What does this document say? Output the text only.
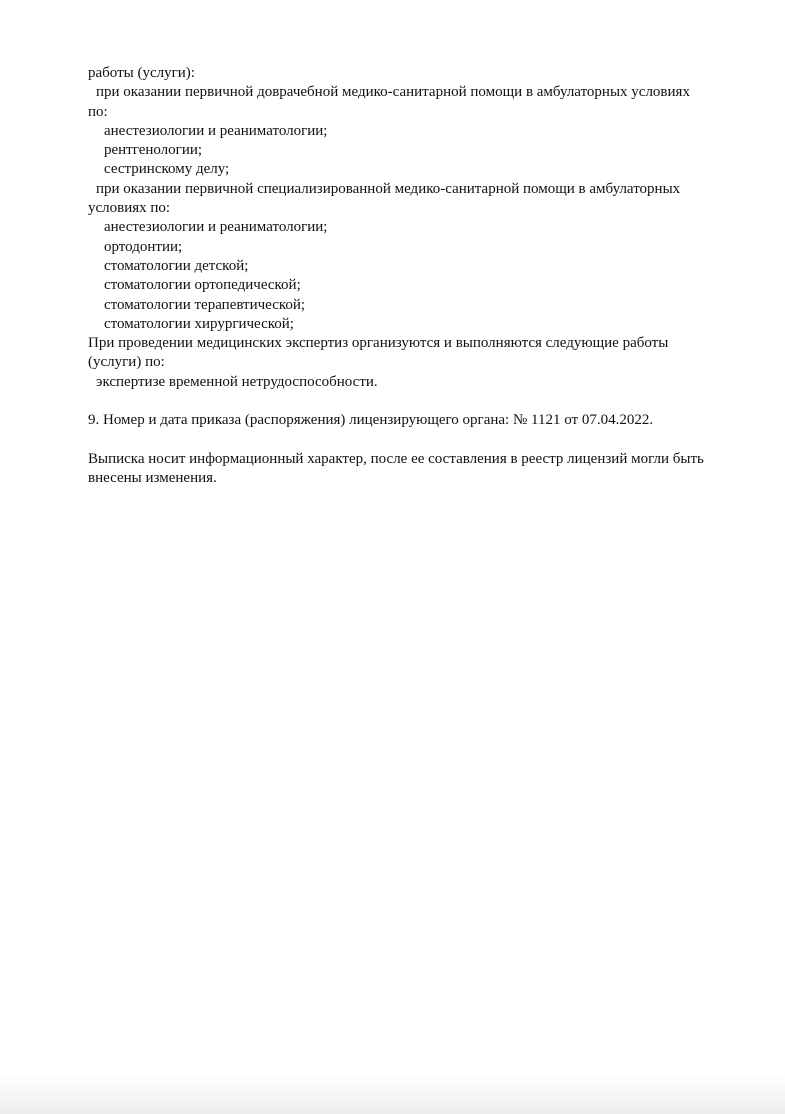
работы (услуги):
при оказании первичной доврачебной медико-санитарной помощи в амбулаторных условиях
по:
анестезиологии и реаниматологии;
рентгенологии;
сестринскому делу;
при оказании первичной специализированной медико-санитарной помощи в амбулаторных
условиях по:
анестезиологии и реаниматологии;
ортодонтии;
стоматологии детской;
стоматологии ортопедической;
стоматологии терапевтической;
стоматологии хирургической;
При проведении медицинских экспертиз организуются и выполняются следующие работы
(услуги) по:
экспертизе временной нетрудоспособности.
9. Номер и дата приказа (распоряжения) лицензирующего органа: № 1121 от 07.04.2022.
Выписка носит информационный характер, после ее составления в реестр лицензий могли быть
внесены изменения.
